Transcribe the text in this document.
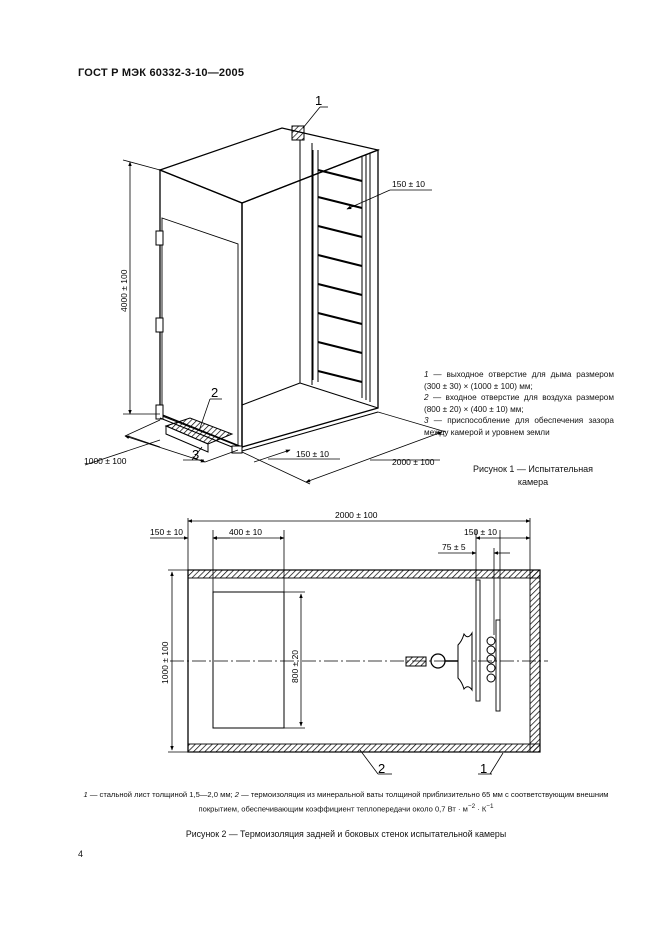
ГОСТ Р МЭК 60332-3-10—2005
1
2
3
4000 ± 100
1000 ± 100	2000 ± 100
150 ± 10
150 ± 10
2000 ± 100
150 ± 10	400 ± 10	150 ± 10
75 ± 5
1000 ± 100	800 ± 20
2	1
1 — выходное отверстие для дыма размером (300 ± 30) × (1000 ± 100) мм;
2 — входное отверстие для воздуха размером (800 ± 20) × (400 ± 10) мм;
3 — приспособление для обеспечения зазора между камерой и уровнем земли
Рисунок 1 — Испытательная камера
1 — стальной лист толщиной 1,5—2,0 мм; 2 — термоизоляция из минеральной ваты толщиной приблизительно 65 мм с соответствующим внешним покрытием, обеспечивающим коэффициент теплопередачи около 0,7 Вт · $м^{-2} \cdot К^{-1}$
Рисунок 2 — Термоизоляция задней и боковых стенок испытательной камеры
4
